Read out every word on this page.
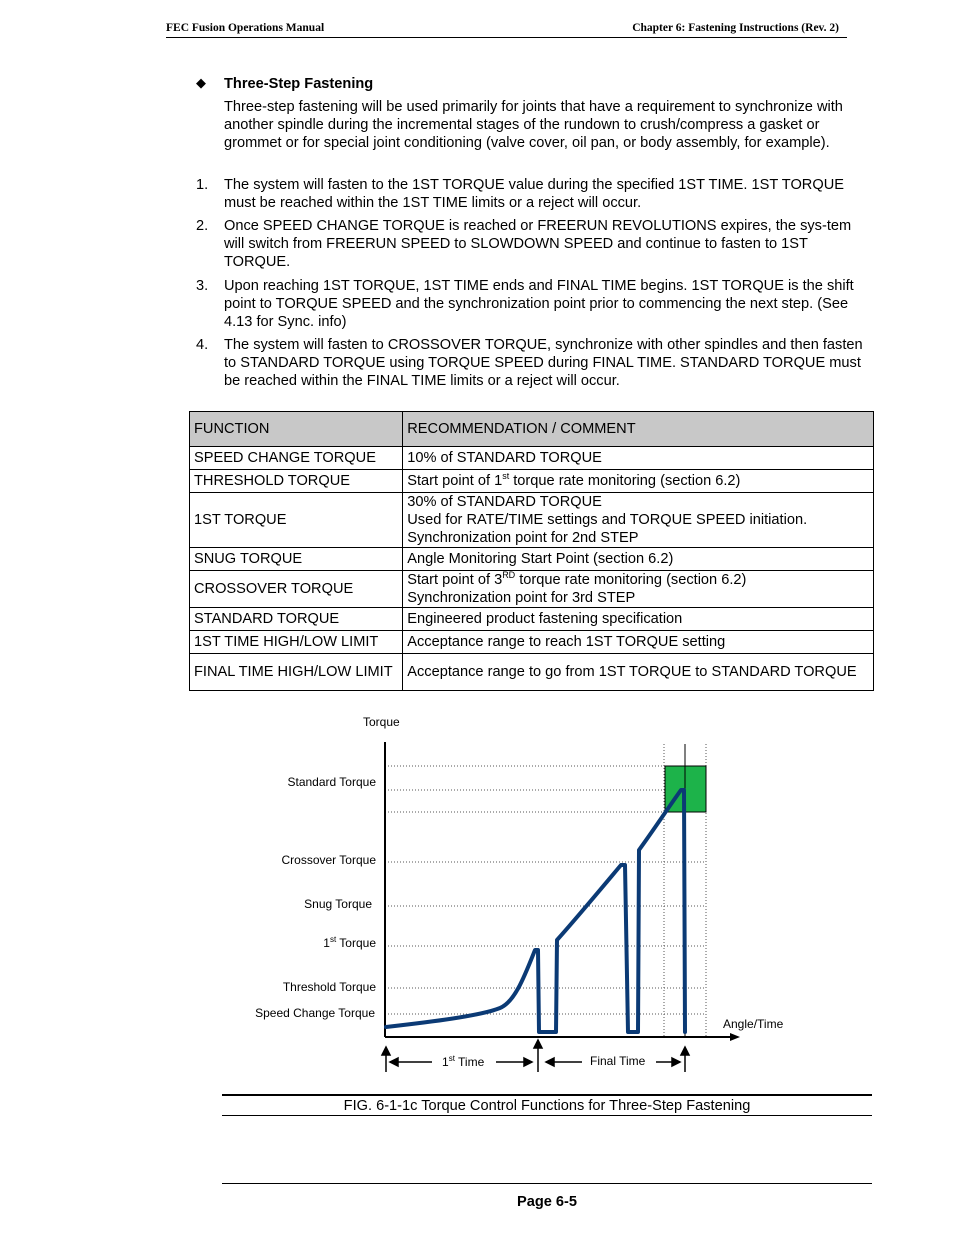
FEC Fusion Operations Manual	Chapter 6: Fastening Instructions (Rev. 2)
◆ Three-Step Fastening
Three-step fastening will be used primarily for joints that have a requirement to synchronize with another spindle during the incremental stages of the rundown to crush/compress a gasket or grommet or for special joint conditioning (valve cover, oil pan, or body assembly, for example).
1. The system will fasten to the 1ST TORQUE value during the specified 1ST TIME. 1ST TORQUE must be reached within the 1ST TIME limits or a reject will occur.
2. Once SPEED CHANGE TORQUE is reached or FREERUN REVOLUTIONS expires, the sys-tem will switch from FREERUN SPEED to SLOWDOWN SPEED and continue to fasten to 1ST TORQUE.
3. Upon reaching 1ST TORQUE, 1ST TIME ends and FINAL TIME begins. 1ST TORQUE is the shift point to TORQUE SPEED and the synchronization point prior to commencing the next step. (See 4.13 for Sync. info)
4. The system will fasten to CROSSOVER TORQUE, synchronize with other spindles and then fasten to STANDARD TORQUE using TORQUE SPEED during FINAL TIME. STANDARD TORQUE must be reached within the FINAL TIME limits or a reject will occur.
FUNCTION	RECOMMENDATION / COMMENT
SPEED CHANGE TORQUE	10% of STANDARD TORQUE
THRESHOLD TORQUE	Start point of 1st torque rate monitoring (section 6.2)
1ST TORQUE	30% of STANDARD TORQUE
Used for RATE/TIME settings and TORQUE SPEED initiation.
Synchronization point for 2nd STEP

SNUG TORQUE	Angle Monitoring Start Point (section 6.2)
CROSSOVER TORQUE	Start point of 3RD torque rate monitoring (section 6.2)
Synchronization point for 3rd STEP

STANDARD TORQUE	Engineered product fastening specification
1ST TIME HIGH/LOW LIMIT	Acceptance range to reach 1ST TORQUE setting
FINAL TIME HIGH/LOW LIMIT	Acceptance range to go from 1ST TORQUE to STANDARD TORQUE
Torque
Angle/Time
Standard Torque
Crossover Torque
Snug Torque
1st Torque
Threshold Torque
Speed Change Torque
1st Time	Final Time
FIG. 6-1-1c Torque Control Functions for Three-Step Fastening
Page 6-5
